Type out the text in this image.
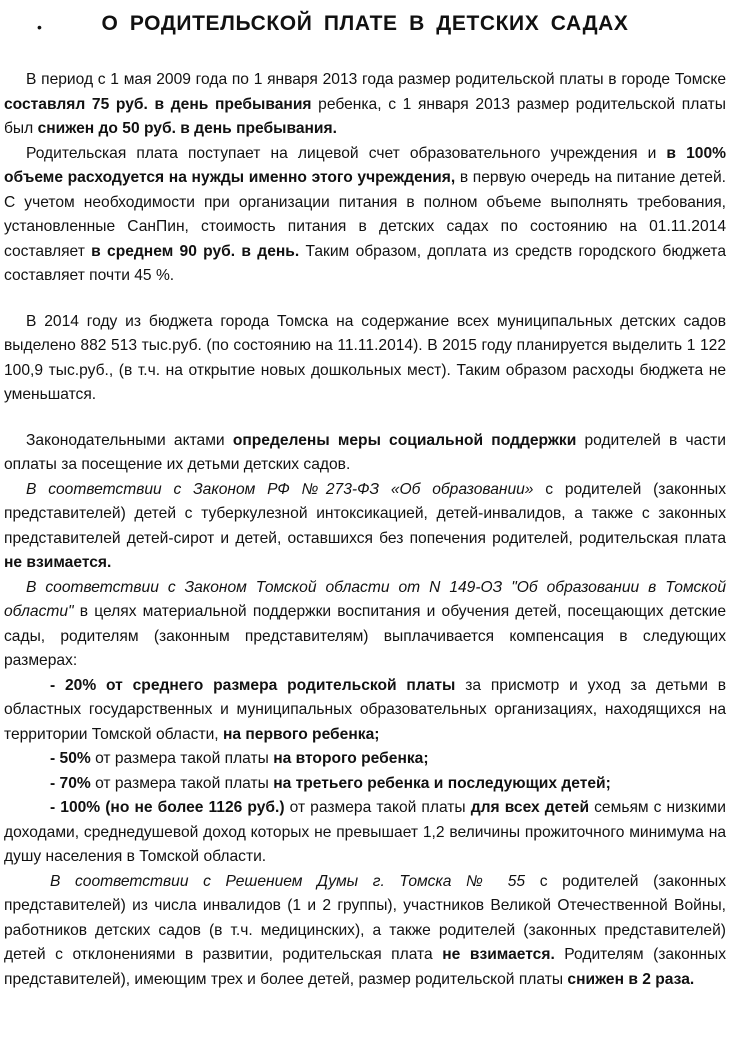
•	О РОДИТЕЛЬСКОЙ ПЛАТЕ В ДЕТСКИХ САДАХ

В период с 1 мая 2009 года по 1 января 2013 года размер родительской платы в городе Томске составлял 75 руб. в день пребывания ребенка, с 1 января 2013 размер родительской платы был снижен до 50 руб. в день пребывания.

Родительская плата поступает на лицевой счет образовательного учреждения и в 100% объеме расходуется на нужды именно этого учреждения, в первую очередь на питание детей. С учетом необходимости при организации питания в полном объеме выполнять требования, установленные СанПин, стоимость питания в детских садах по состоянию на 01.11.2014 составляет в среднем 90 руб. в день. Таким образом, доплата из средств городского бюджета составляет почти 45 %.

В 2014 году из бюджета города Томска на содержание всех муниципальных детских садов выделено 882 513 тыс.руб. (по состоянию на 11.11.2014). В 2015 году планируется выделить 1 122 100,9 тыс.руб., (в т.ч. на открытие новых дошкольных мест). Таким образом расходы бюджета не уменьшатся.

Законодательными актами определены меры социальной поддержки родителей в части оплаты за посещение их детьми детских садов.

В соответствии с Законом РФ №273-ФЗ «Об образовании» с родителей (законных представителей) детей с туберкулезной интоксикацией, детей-инвалидов, а также с законных представителей детей-сирот и детей, оставшихся без попечения родителей, родительская плата не взимается.

В соответствии с Законом Томской области от N 149-ОЗ "Об образовании в Томской области" в целях материальной поддержки воспитания и обучения детей, посещающих детские сады, родителям (законным представителям) выплачивается компенсация в следующих размерах:

- 20% от среднего размера родительской платы за присмотр и уход за детьми в областных государственных и муниципальных образовательных организациях, находящихся на территории Томской области, на первого ребенка;

- 50% от размера такой платы на второго ребенка;

- 70% от размера такой платы на третьего ребенка и последующих детей;

- 100% (но не более 1126 руб.) от размера такой платы для всех детей семьям с низкими доходами, среднедушевой доход которых не превышает 1,2 величины прожиточного минимума на душу населения в Томской области.

В соответствии с Решением Думы г. Томска № 55 с родителей (законных представителей) из числа инвалидов (1 и 2 группы), участников Великой Отечественной Войны, работников детских садов (в т.ч. медицинских), а также родителей (законных представителей) детей с отклонениями в развитии, родительская плата не взимается. Родителям (законных представителей), имеющим трех и более детей, размер родительской платы снижен в 2 раза.
